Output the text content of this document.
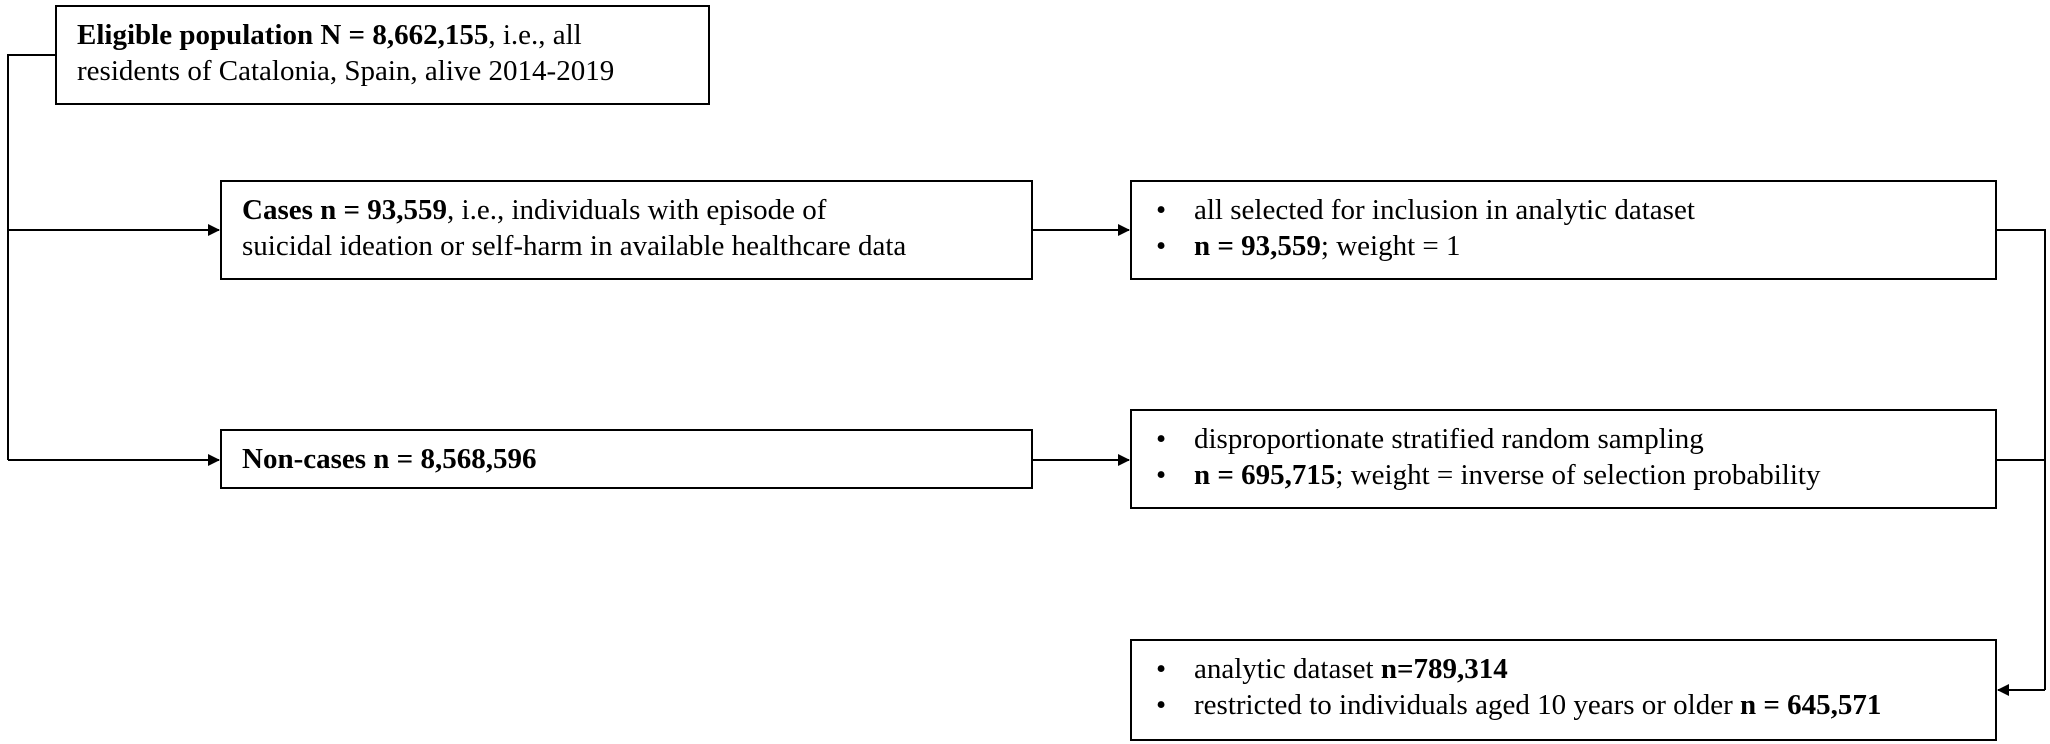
Eligible population N = 8,662,155, i.e., all
residents of Catalonia, Spain, alive 2014-2019
Cases n = 93,559, i.e., individuals with episode of
suicidal ideation or self-harm in available healthcare data
Non-cases n = 8,568,596
• all selected for inclusion in analytic dataset
• n = 93,559; weight = 1
• disproportionate stratified random sampling
• n = 695,715; weight = inverse of selection probability
• analytic dataset n=789,314
• restricted to individuals aged 10 years or older n = 645,571
